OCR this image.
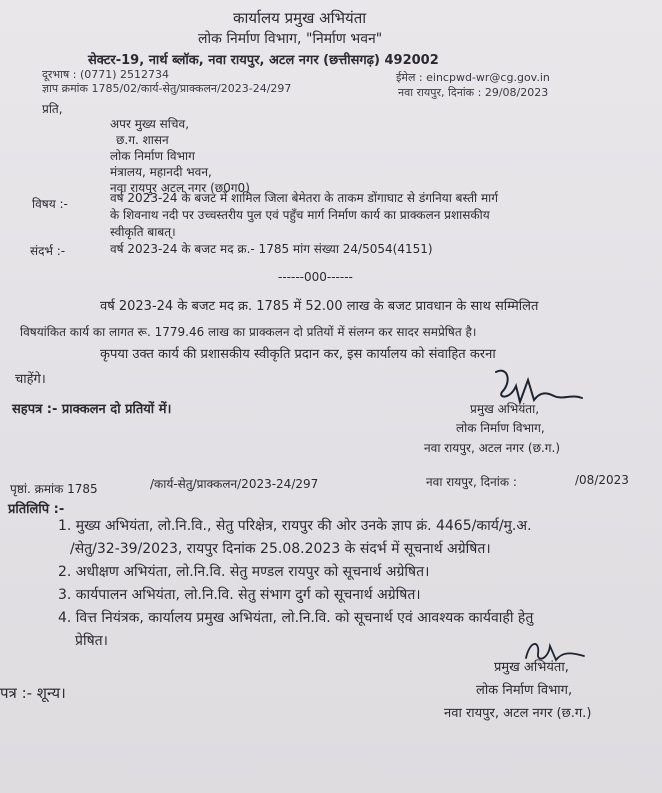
कार्यालय प्रमुख अभियंता
लोक निर्माण विभाग, "निर्माण भवन"
सेक्टर-19, नार्थ ब्लॉक, नवा रायपुर, अटल नगर (छत्तीसगढ़) 492002
दूरभाष : (0771) 2512734	ईमेल : eincpwd-wr@cg.gov.in
ज्ञाप क्रमांक 1785/02/कार्य-सेतु/प्राक्कलन/2023-24/297	नवा रायपुर, दिनांक : 29/08/2023
प्रति,
अपर मुख्य सचिव,
छ.ग. शासन
लोक निर्माण विभाग
मंत्रालय, महानदी भवन,
नवा रायपुर अटल नगर (छ0ग0)
विषय :-	वर्ष 2023-24 के बजट में शामिल जिला बेमेतरा के ताकम डोंगाघाट से डंगनिया बस्ती मार्ग
के शिवनाथ नदी पर उच्चस्तरीय पुल एवं पहुँच मार्ग निर्माण कार्य का प्राक्कलन प्रशासकीय
स्वीकृति बाबत्।
संदर्भ :-	वर्ष 2023-24 के बजट मद क्र.- 1785 मांग संख्या 24/5054(4151)
------000------
वर्ष 2023-24 के बजट मद क्र. 1785 में 52.00 लाख के बजट प्रावधान के साथ सम्मिलित
विषयांकित कार्य का लागत रू. 1779.46 लाख का प्राक्कलन दो प्रतियों में संलग्न कर सादर समप्रेषित है।
कृपया उक्त कार्य की प्रशासकीय स्वीकृति प्रदान कर, इस कार्यालय को संवाहित करना
चाहेंगे।
सहपत्र :- प्राक्कलन दो प्रतियों में।	प्रमुख अभियंता,
लोक निर्माण विभाग,
नवा रायपुर, अटल नगर (छ.ग.)
पृष्ठां. क्रमांक 1785	/कार्य-सेतु/प्राक्कलन/2023-24/297	नवा रायपुर, दिनांक :	/08/2023
प्रतिलिपि :-
1. मुख्य अभियंता, लो.नि.वि., सेतु परिक्षेत्र, रायपुर की ओर उनके ज्ञाप क्रं. 4465/कार्य/मु.अ.
/सेतु/32-39/2023, रायपुर दिनांक 25.08.2023 के संदर्भ में सूचनार्थ अग्रेषित।
2. अधीक्षण अभियंता, लो.नि.वि. सेतु मण्डल रायपुर को सूचनार्थ अग्रेषित।
3. कार्यपालन अभियंता, लो.नि.वि. सेतु संभाग दुर्ग को सूचनार्थ अग्रेषित।
4. वित्त नियंत्रक, कार्यालय प्रमुख अभियंता, लो.नि.वि. को सूचनार्थ एवं आवश्यक कार्यवाही हेतु
प्रेषित।
पत्र :- शून्य।
प्रमुख अभियंता,
लोक निर्माण विभाग,
नवा रायपुर, अटल नगर (छ.ग.)
